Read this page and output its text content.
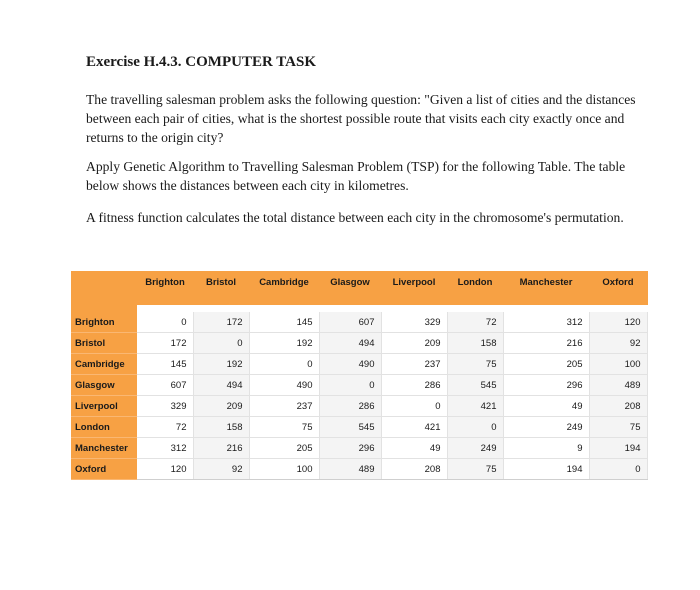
Exercise H.4.3. COMPUTER TASK
The travelling salesman problem asks the following question: "Given a list of cities and the distances between each pair of cities, what is the shortest possible route that visits each city exactly once and returns to the origin city?
Apply Genetic Algorithm to Travelling Salesman Problem (TSP) for the following Table. The table below shows the distances between each city in kilometres.
A fitness function calculates the total distance between each city in the chromosome's permutation.
	Brighton	Bristol	Cambridge	Glasgow	Liverpool	London	Manchester	Oxford

Brighton	0	172	145	607	329	72	312	120
Bristol	172	0	192	494	209	158	216	92
Cambridge	145	192	0	490	237	75	205	100
Glasgow	607	494	490	0	286	545	296	489
Liverpool	329	209	237	286	0	421	49	208
London	72	158	75	545	421	0	249	75
Manchester	312	216	205	296	49	249	9	194
Oxford	120	92	100	489	208	75	194	0
